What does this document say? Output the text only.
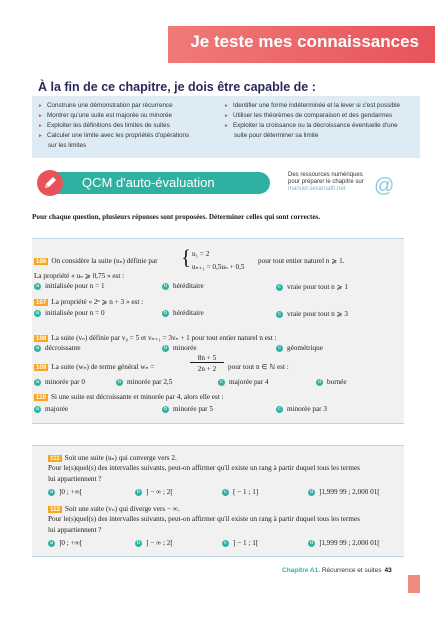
Je teste mes connaissances
À la fin de ce chapitre, je dois être capable de :
► Construire une démonstration par récurrence
► Montrer qu'une suite est majorée ou minorée
► Exploiter les définitions des limites de suites
► Calculer une limite avec les propriétés d'opérations
sur les limites
► Identifier une forme indéterminée et la lever si c'est possible
► Utiliser les théorèmes de comparaison et des gendarmes
► Exploiter la croissance ou la décroissance éventuelle d'une
suite pour déterminer sa limite
QCM d'auto-évaluation	Des ressources numériques
pour préparer le chapitre sur
manuel.sesamath.net	@
Pour chaque question, plusieurs réponses sont proposées. Déterminer celles qui sont correctes.
106 On considère la suite (uₙ) définie par { u₁ = 2
uₙ₊₁ = 0,5uₙ + 0,5
pour tout entier naturel n ⩾ 1.
La propriété « uₙ ⩾ 0,75 » est :
a initialisée pour n = 1	b héréditaire	c vraie pour tout n ⩾ 1
107 La propriété « 2ⁿ ⩾ n + 3 » est :
a initialisée pour n = 0	b héréditaire	c vraie pour tout n ⩾ 3
108 La suite (vₙ) définie par v₀ = 5 et vₙ₊₁ = 3vₙ + 1 pour tout entier naturel n est :
a décroissante	b minorée	c géométrique
109 La suite (wₙ) de terme général wₙ =
8n + 5
2n + 2	pour tout n ∈ ℕ est :
a minorée par 0	b minorée par 2,5	c majorée par 4	d bornée
110 Si une suite est décroissante et minorée par 4, alors elle est :
a majorée	b minorée par 5	c minorée par 3
111 Soit une suite (uₙ) qui converge vers 2.
Pour le(s)quel(s) des intervalles suivants, peut-on affirmer qu'il existe un rang à partir duquel tous les termes
lui appartiennent ?
a ]0 ; +∞[	b ] − ∞ ; 2[	c [ − 1 ; 1]	d ]1,999 99 ; 2,000 01[
112 Soit une suite (vₙ) qui diverge vers − ∞.
Pour le(s)quel(s) des intervalles suivants, peut-on affirmer qu'il existe un rang à partir duquel tous les termes
lui appartiennent ?
a ]0 ; +∞[	b ] − ∞ ; 2[	c ] − 1 ; 1[	d ]1,999 99 ; 2,000 01[
Chapitre A1. Récurrence et suites 43
